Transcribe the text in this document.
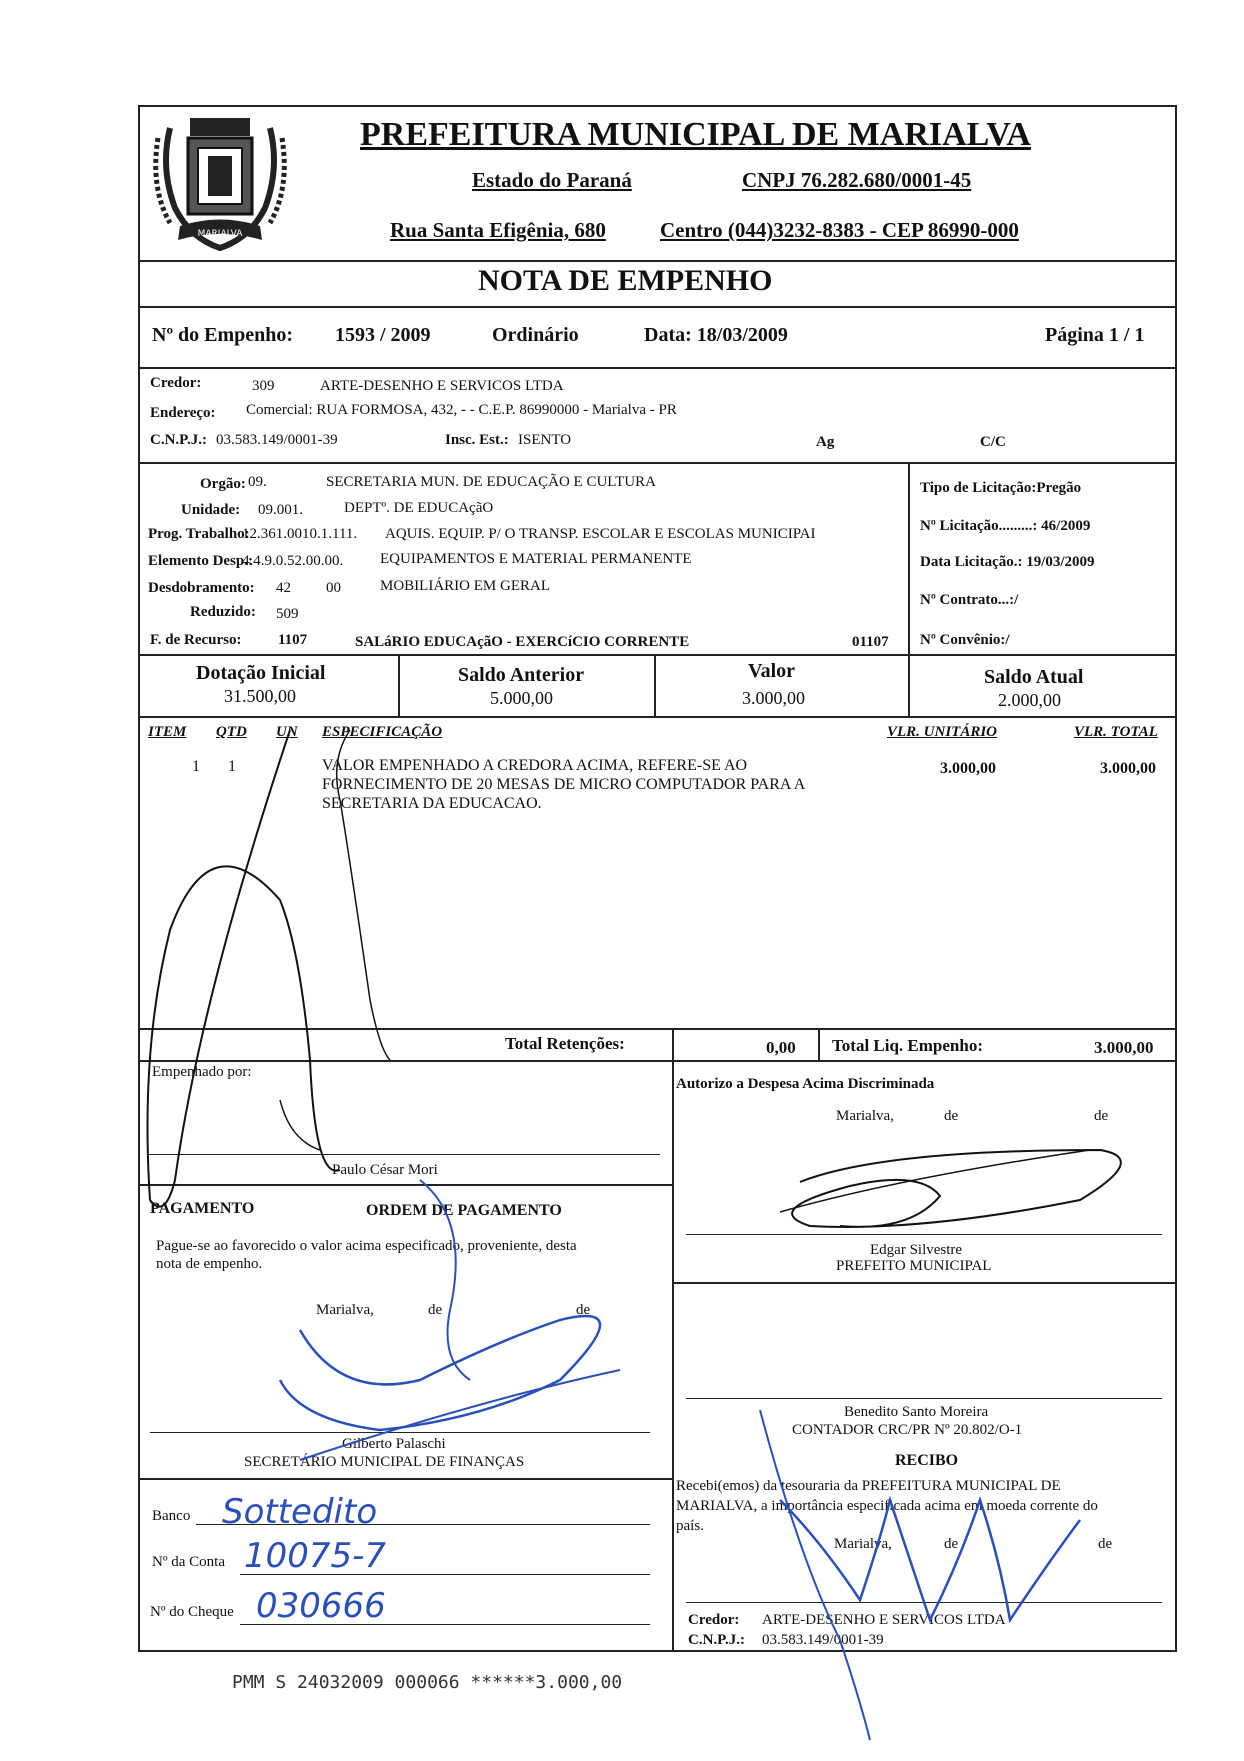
MARIALVA
PREFEITURA MUNICIPAL DE MARIALVA
Estado do Paraná	CNPJ 76.282.680/0001-45
Rua Santa Efigênia, 680	Centro (044)3232-8383 - CEP 86990-000
NOTA DE EMPENHO
Nº do Empenho: 1593 / 2009	Ordinário	Data: 18/03/2009	Página 1 / 1
Credor:	309	ARTE-DESENHO E SERVICOS LTDA
Endereço: Comercial: RUA FORMOSA, 432, - - C.E.P. 86990000 - Marialva - PR
C.N.P.J.: 03.583.149/0001-39	Insc. Est.: ISENTO	Ag	C/C
Orgão: 09.	SECRETARIA MUN. DE EDUCAÇÃO E CULTURA
Unidade: 09.001.	DEPTº. DE EDUCAçãO
Prog. Trabalho:
12.361.0010.1.111. AQUIS. EQUIP. P/ O TRANSP. ESCOLAR E ESCOLAS MUNICIPAI
Elemento Desp.:
4.4.9.0.52.00.00. EQUIPAMENTOS E MATERIAL PERMANENTE
Desdobramento: 42 00	MOBILIÁRIO EM GERAL
Reduzido: 509
F. de Recurso: 1107	SALáRIO EDUCAçãO - EXERCíCIO CORRENTE	01107
Tipo de Licitação:Pregão
Nº Licitação.........: 46/2009
Data Licitação.: 19/03/2009
Nº Contrato...:/
Nº Convênio:/
Dotação Inicial
31.500,00
Saldo Anterior
5.000,00
Valor
3.000,00
Saldo Atual
2.000,00
ITEM QTD UN ESPECIFICAÇÃO	VLR. UNITÁRIO	VLR. TOTAL
1 1	VALOR EMPENHADO A CREDORA ACIMA, REFERE-SE AO
FORNECIMENTO DE 20 MESAS DE MICRO COMPUTADOR PARA A
SECRETARIA DA EDUCACAO.
3.000,00	3.000,00
Total Retenções:	0,00 Total Liq. Empenho:	3.000,00
Empenhado por:
Paulo César Mori
Autorizo a Despesa Acima Discriminada
Marialva,	de	de
Edgar Silvestre
PREFEITO MUNICIPAL
PAGAMENTO	ORDEM DE PAGAMENTO
Pague-se ao favorecido o valor acima especificado, proveniente, desta
nota de empenho.
Marialva,	de	de
Gilberto Palaschi
SECRETÁRIO MUNICIPAL DE FINANÇAS
Banco Sottedito
Nº da Conta 10075-7
Nº do Cheque 030666
Benedito Santo Moreira
CONTADOR CRC/PR Nº 20.802/O-1
RECIBO
Recebi(emos) da tesouraria da PREFEITURA MUNICIPAL DE
MARIALVA, a importância especificada acima em moeda corrente do
país.
Marialva,	de	de
Credor: ARTE-DESENHO E SERVICOS LTDA
C.N.P.J.: 03.583.149/0001-39
PMM S 24032009 000066 ******3.000,00
